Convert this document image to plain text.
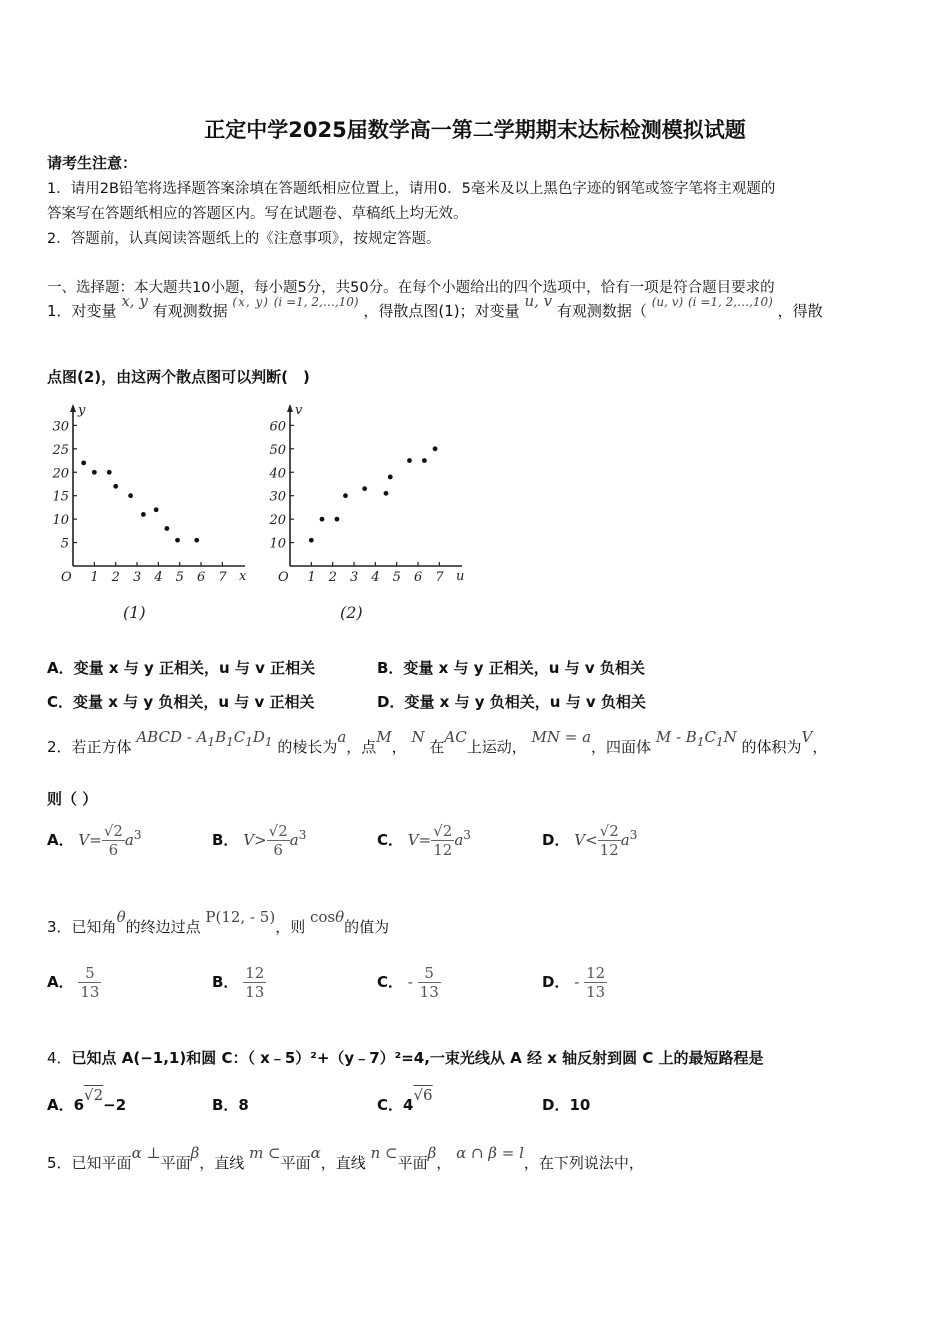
正定中学2025届数学高一第二学期期末达标检测模拟试题
请考生注意：
1．请用2B铅笔将选择题答案涂填在答题纸相应位置上，请用0．5毫米及以上黑色字迹的钢笔或签字笔将主观题的
答案写在答题纸相应的答题区内。写在试题卷、草稿纸上均无效。
2．答题前，认真阅读答题纸上的《注意事项》，按规定答题。
一、选择题：本大题共10小题，每小题5分，共50分。在每个小题给出的四个选项中，恰有一项是符合题目要求的
1．对变量 x, y 有观测数据 $^{(x, y)}$ $^{(i =1, 2,\dots,10)}$ ，得散点图(1)；对变量 u, v 有观测数据（ $^{(u, v)}$ $^{(i =1, 2,\dots,10)}$ ，得散
点图(2)，由这两个散点图可以判断(　)
y
x
O 1 2 3 4 5 6 7
5
10
15
20
25
30
(1)
v
u
O 1 2 3 4 5 6 7
10
20
30
40
50
60
(2)
A．变量 x 与 y 正相关，u 与 v 正相关	B．变量 x 与 y 正相关，u 与 v 负相关
C．变量 x 与 y 负相关，u 与 v 正相关	D．变量 x 与 y 负相关，u 与 v 负相关
2．若正方体 ABCD - $A_1B_1C_1D_1$ 的棱长为a，点M， N 在AC上运动， MN = a，四面体 M - $B_1C_1N$ 的体积为V，
则（ ）
A． $V= \frac{√2}{6} a^3$	B． $V> \frac{√2}{6} a^3$	C． $V= \frac{√2}{12} a^3$	D． $V< \frac{√2}{12} a^3$
3．已知角θ的终边过点 P(12, - 5)，则 cosθ的值为
A． $\frac{5}{13}$	B． $\frac{12}{13}$	C． - $\frac{5}{13}$	D． - $\frac{12}{13}$
4．已知点 A(−1,1)和圆 C：（ x﹣5）²+（y﹣7）²=4,一束光线从 A 经 x 轴反射到圆 C 上的最短路程是
A．6√2−2	B．8	C．4√6
D．10
5．已知平面α ⊥平面β，直线 m ⊂平面α，直线 n ⊂平面β， α ∩ β = l，在下列说法中，
